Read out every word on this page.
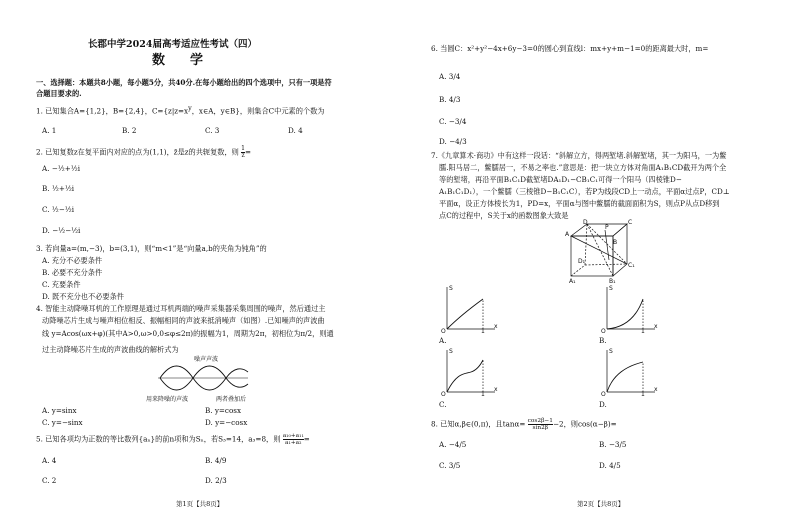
长郡中学2024届高考适应性考试（四）
数　学
一、选择题：本题共8小题，每小题5分，共40分.在每小题给出的四个选项中，只有一项是符
合题目要求的.
1. 已知集合A={1,2}，B={2,4}，$C=\{z|z=x^y$，x∈A，y∈B}，则集合C中元素的个数为
A. 1	B. 2	C. 3	D. 4
2. 已知复数z在复平面内对应的点为(1,1)，z̄是z的共轭复数，则 $\frac{1}{z̄}$ =
A. −½+½i
B. ½+½i
C. ½−½i
D. −½−½i
3. 若向量a=(m,−3)，b=(3,1)，则“m<1”是“向量a,b的夹角为钝角”的
A. 充分不必要条件
B. 必要不充分条件
C. 充要条件
D. 既不充分也不必要条件
4. 智能主动降噪耳机的工作原理是通过耳机两端的噪声采集器采集周围的噪声，然后通过主
动降噪芯片生成与噪声相位相反、振幅相同的声波来抵消噪声（如图）.已知噪声的声波曲
线 y=Acos(ωx+φ)(其中A>0,ω>0,0≤φ≤2π)的振幅为1，周期为2π，初相位为π/2，则通
过主动降噪芯片生成的声波曲线的解析式为
噪声声波
用来降噪的声波	两者叠加后
A. y=sinx	B. y=cosx
C. y=−sinx	D. y=−cosx
5. 已知各项均为正数的等比数列{aₙ}的前n项和为Sₙ，若S₃=14，a₃=8，则 $\frac{\text{a₁₀+a₁₁}}{\text{a₁+a₂}}$ =
A. 4	B. 4/9
C. 2	D. 2/3
第1页【共8页】
6. 当圆C：x²+y²−4x+6y−3=0的圆心到直线l：mx+y+m−1=0的距离最大时，m=
A. 3/4
B. 4/3
C. −3/4
D. −4/3
7.《九章算术·商功》中有这样一段话：“斜解立方，得两堑堵.斜解堑堵，其一为阳马，一为鳖
臑.阳马居二，鳖臑居一，不易之率也.”意思是：把一块立方体对角面A₁B₁CD截开为两个全
等的堑堵，再沿平面B₁C₁D截堑堵DA₁D₁−CB₁C₁可得一个阳马（四棱锥D−
A₁B₁C₁D₁），一个鳖臑（三棱锥D−B₁C₁C），若P为线段CD上一动点，平面α过点P，CD⊥
平面α，设正方体棱长为1，PD=x，平面α与图中鳖臑的截面面积为S，则点P从点D移到
点C的过程中，S关于x的函数图象大致是
A
B
C
D
A₁	B₁
C₁
D₁
P
S
x
O	1
A.
S
x
O	1
B.
S
x
O	1
C.
S
x
O	1
D.
8. 已知α,β∈(0,π)，且$\tan\alpha= \frac{\cos 2\beta-1}{\sin 2\beta} -2$，则cos(α−β)=
A. −4/5	B. −3/5
C. 3/5	D. 4/5
第2页【共8页】
